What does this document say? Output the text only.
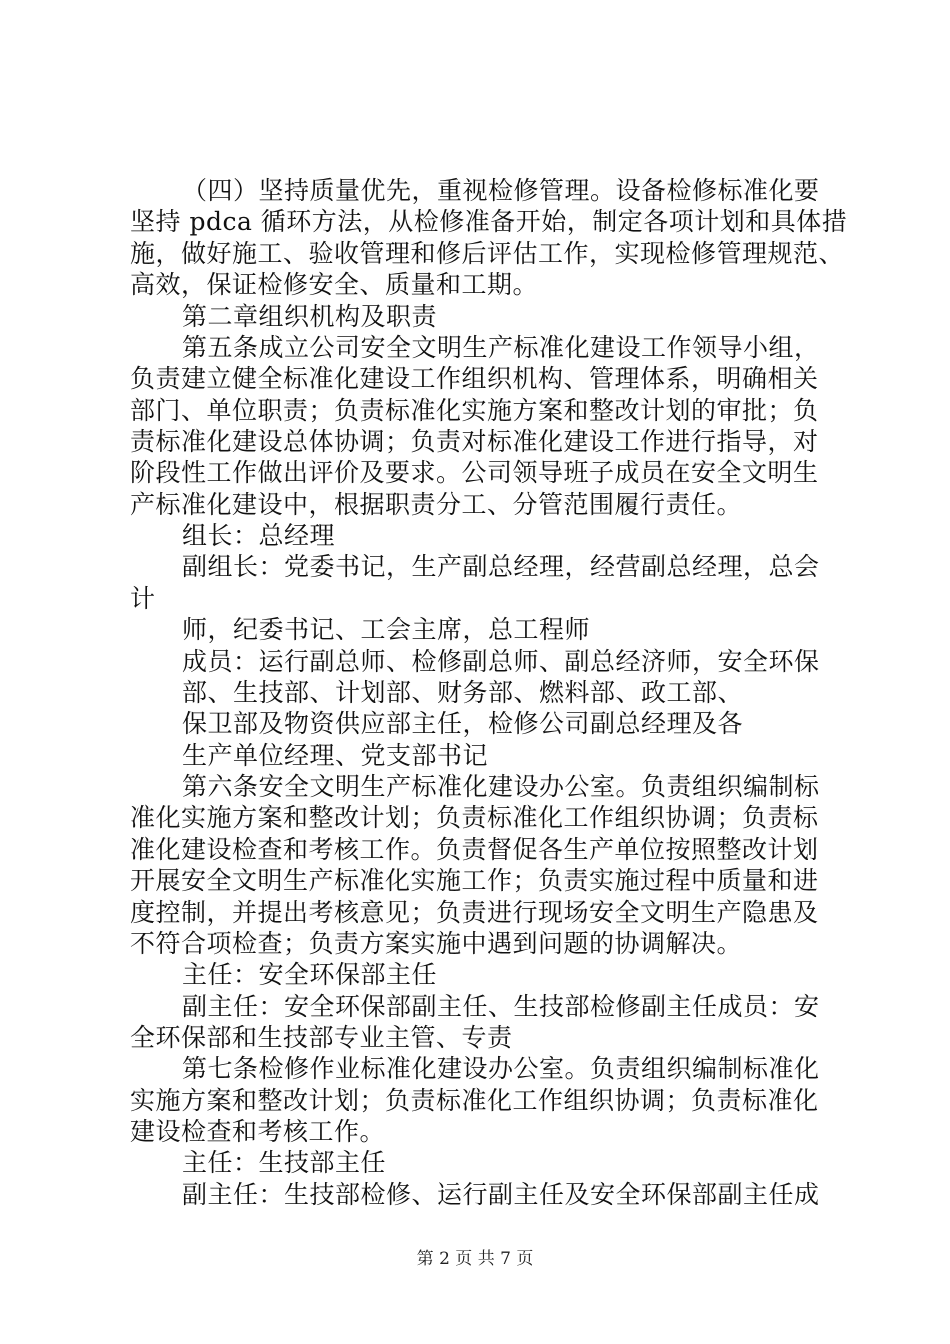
（四）坚持质量优先，重视检修管理。设备检修标准化要
坚持 pdca 循环方法，从检修准备开始，制定各项计划和具体措
施，做好施工、验收管理和修后评估工作，实现检修管理规范、
高效，保证检修安全、质量和工期。
第二章组织机构及职责
第五条成立公司安全文明生产标准化建设工作领导小组，
负责建立健全标准化建设工作组织机构、管理体系，明确相关
部门、单位职责；负责标准化实施方案和整改计划的审批；负
责标准化建设总体协调；负责对标准化建设工作进行指导，对
阶段性工作做出评价及要求。公司领导班子成员在安全文明生
产标准化建设中，根据职责分工、分管范围履行责任。
组长：总经理
副组长：党委书记，生产副总经理，经营副总经理，总会
计
师，纪委书记、工会主席，总工程师
成员：运行副总师、检修副总师、副总经济师，安全环保
部、生技部、计划部、财务部、燃料部、政工部、
保卫部及物资供应部主任，检修公司副总经理及各
生产单位经理、党支部书记
第六条安全文明生产标准化建设办公室。负责组织编制标
准化实施方案和整改计划；负责标准化工作组织协调；负责标
准化建设检查和考核工作。负责督促各生产单位按照整改计划
开展安全文明生产标准化实施工作；负责实施过程中质量和进
度控制，并提出考核意见；负责进行现场安全文明生产隐患及
不符合项检查；负责方案实施中遇到问题的协调解决。
主任：安全环保部主任
副主任：安全环保部副主任、生技部检修副主任成员：安
全环保部和生技部专业主管、专责
第七条检修作业标准化建设办公室。负责组织编制标准化
实施方案和整改计划；负责标准化工作组织协调；负责标准化
建设检查和考核工作。
主任：生技部主任
副主任：生技部检修、运行副主任及安全环保部副主任成
第 2 页 共 7 页
